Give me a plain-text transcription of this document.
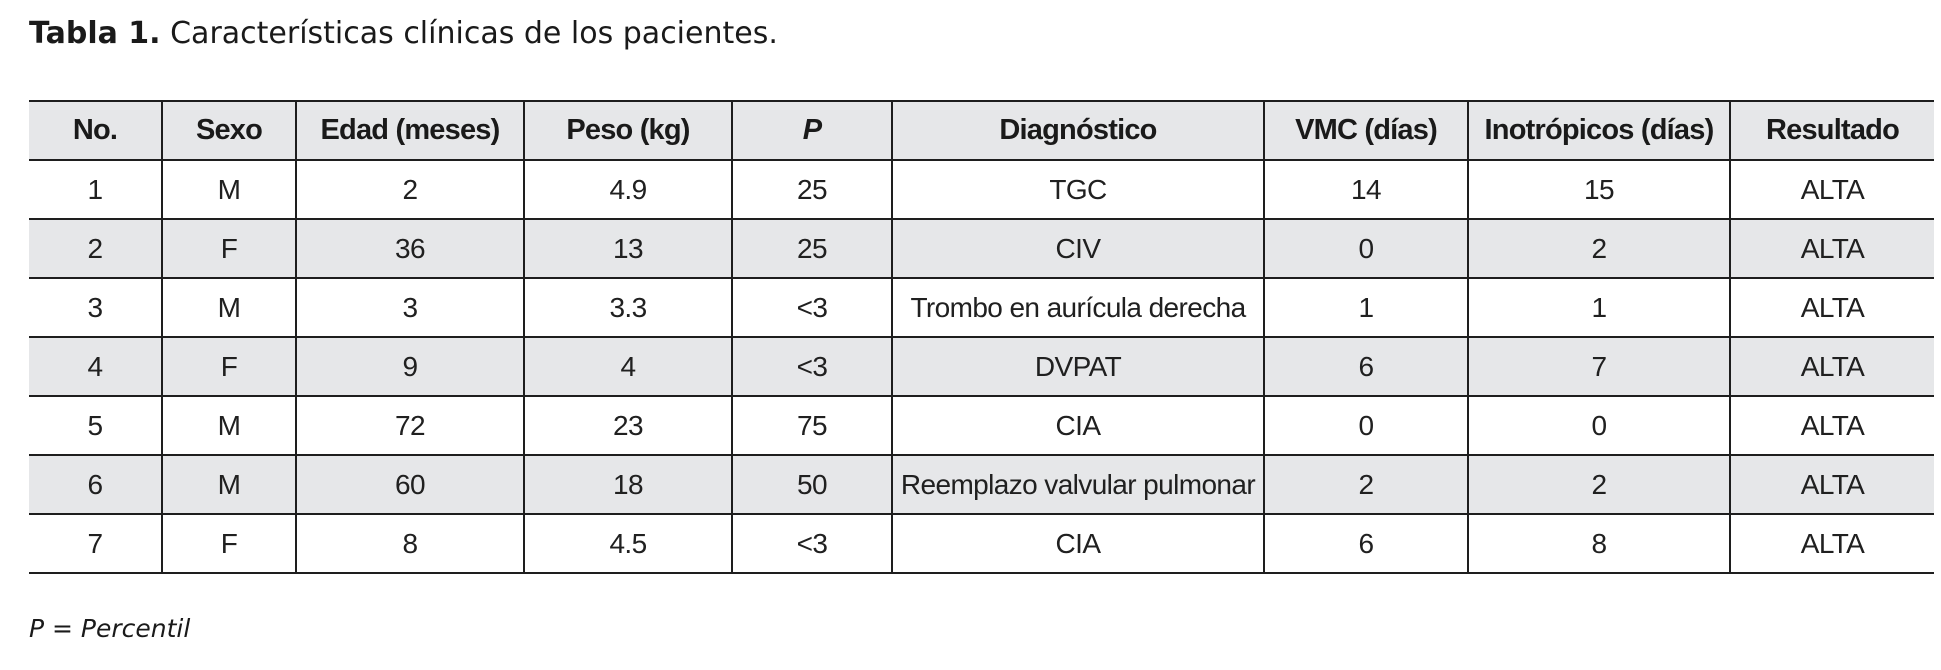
Tabla 1. Características clínicas de los pacientes.
No.	Sexo	Edad (meses)	Peso (kg)	P	Diagnóstico	VMC (días)	Inotrópicos (días)	Resultado
1	M	2	4.9	25	TGC	14	15	ALTA
2	F	36	13	25	CIV	0	2	ALTA
3	M	3	3.3	<3	Trombo en aurícula derecha	1	1	ALTA
4	F	9	4	<3	DVPAT	6	7	ALTA
5	M	72	23	75	CIA	0	0	ALTA
6	M	60	18	50	Reemplazo valvular pulmonar	2	2	ALTA
7	F	8	4.5	<3	CIA	6	8	ALTA
P = Percentil
